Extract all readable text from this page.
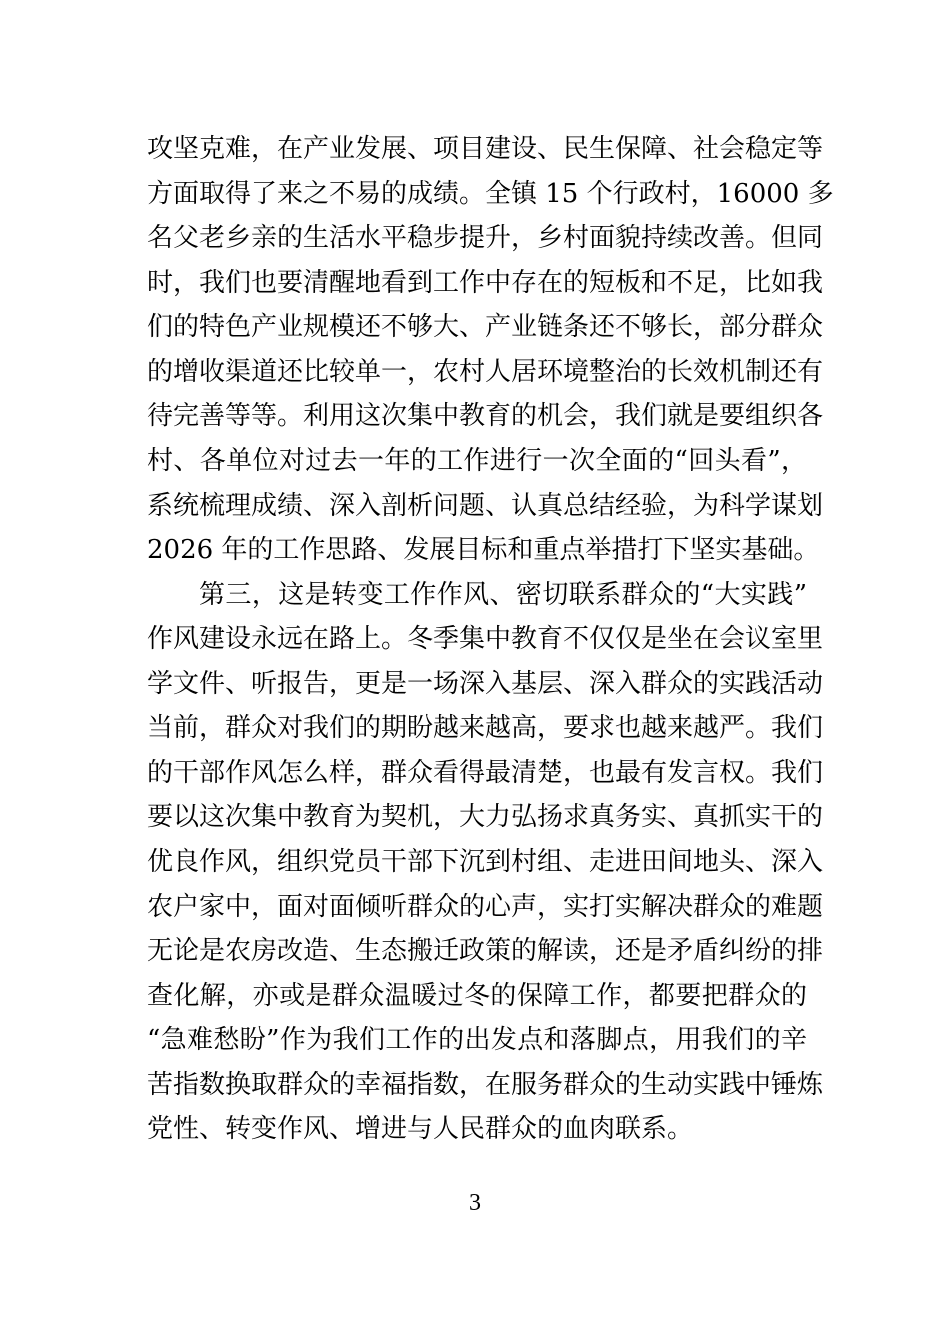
攻坚克难，在产业发展、项目建设、民生保障、社会稳定等
方面取得了来之不易的成绩。全镇 15 个行政村，16000 多
名父老乡亲的生活水平稳步提升，乡村面貌持续改善。但同
时，我们也要清醒地看到工作中存在的短板和不足，比如我
们的特色产业规模还不够大、产业链条还不够长，部分群众
的增收渠道还比较单一，农村人居环境整治的长效机制还有
待完善等等。利用这次集中教育的机会，我们就是要组织各
村、各单位对过去一年的工作进行一次全面的“回头看”，
系统梳理成绩、深入剖析问题、认真总结经验，为科学谋划
2026 年的工作思路、发展目标和重点举措打下坚实基础。
第三，这是转变工作作风、密切联系群众的“大实践”
作风建设永远在路上。冬季集中教育不仅仅是坐在会议室里
学文件、听报告，更是一场深入基层、深入群众的实践活动
当前，群众对我们的期盼越来越高，要求也越来越严。我们
的干部作风怎么样，群众看得最清楚，也最有发言权。我们
要以这次集中教育为契机，大力弘扬求真务实、真抓实干的
优良作风，组织党员干部下沉到村组、走进田间地头、深入
农户家中，面对面倾听群众的心声，实打实解决群众的难题
无论是农房改造、生态搬迁政策的解读，还是矛盾纠纷的排
查化解，亦或是群众温暖过冬的保障工作，都要把群众的
“急难愁盼”作为我们工作的出发点和落脚点，用我们的辛
苦指数换取群众的幸福指数，在服务群众的生动实践中锤炼
党性、转变作风、增进与人民群众的血肉联系。
3
